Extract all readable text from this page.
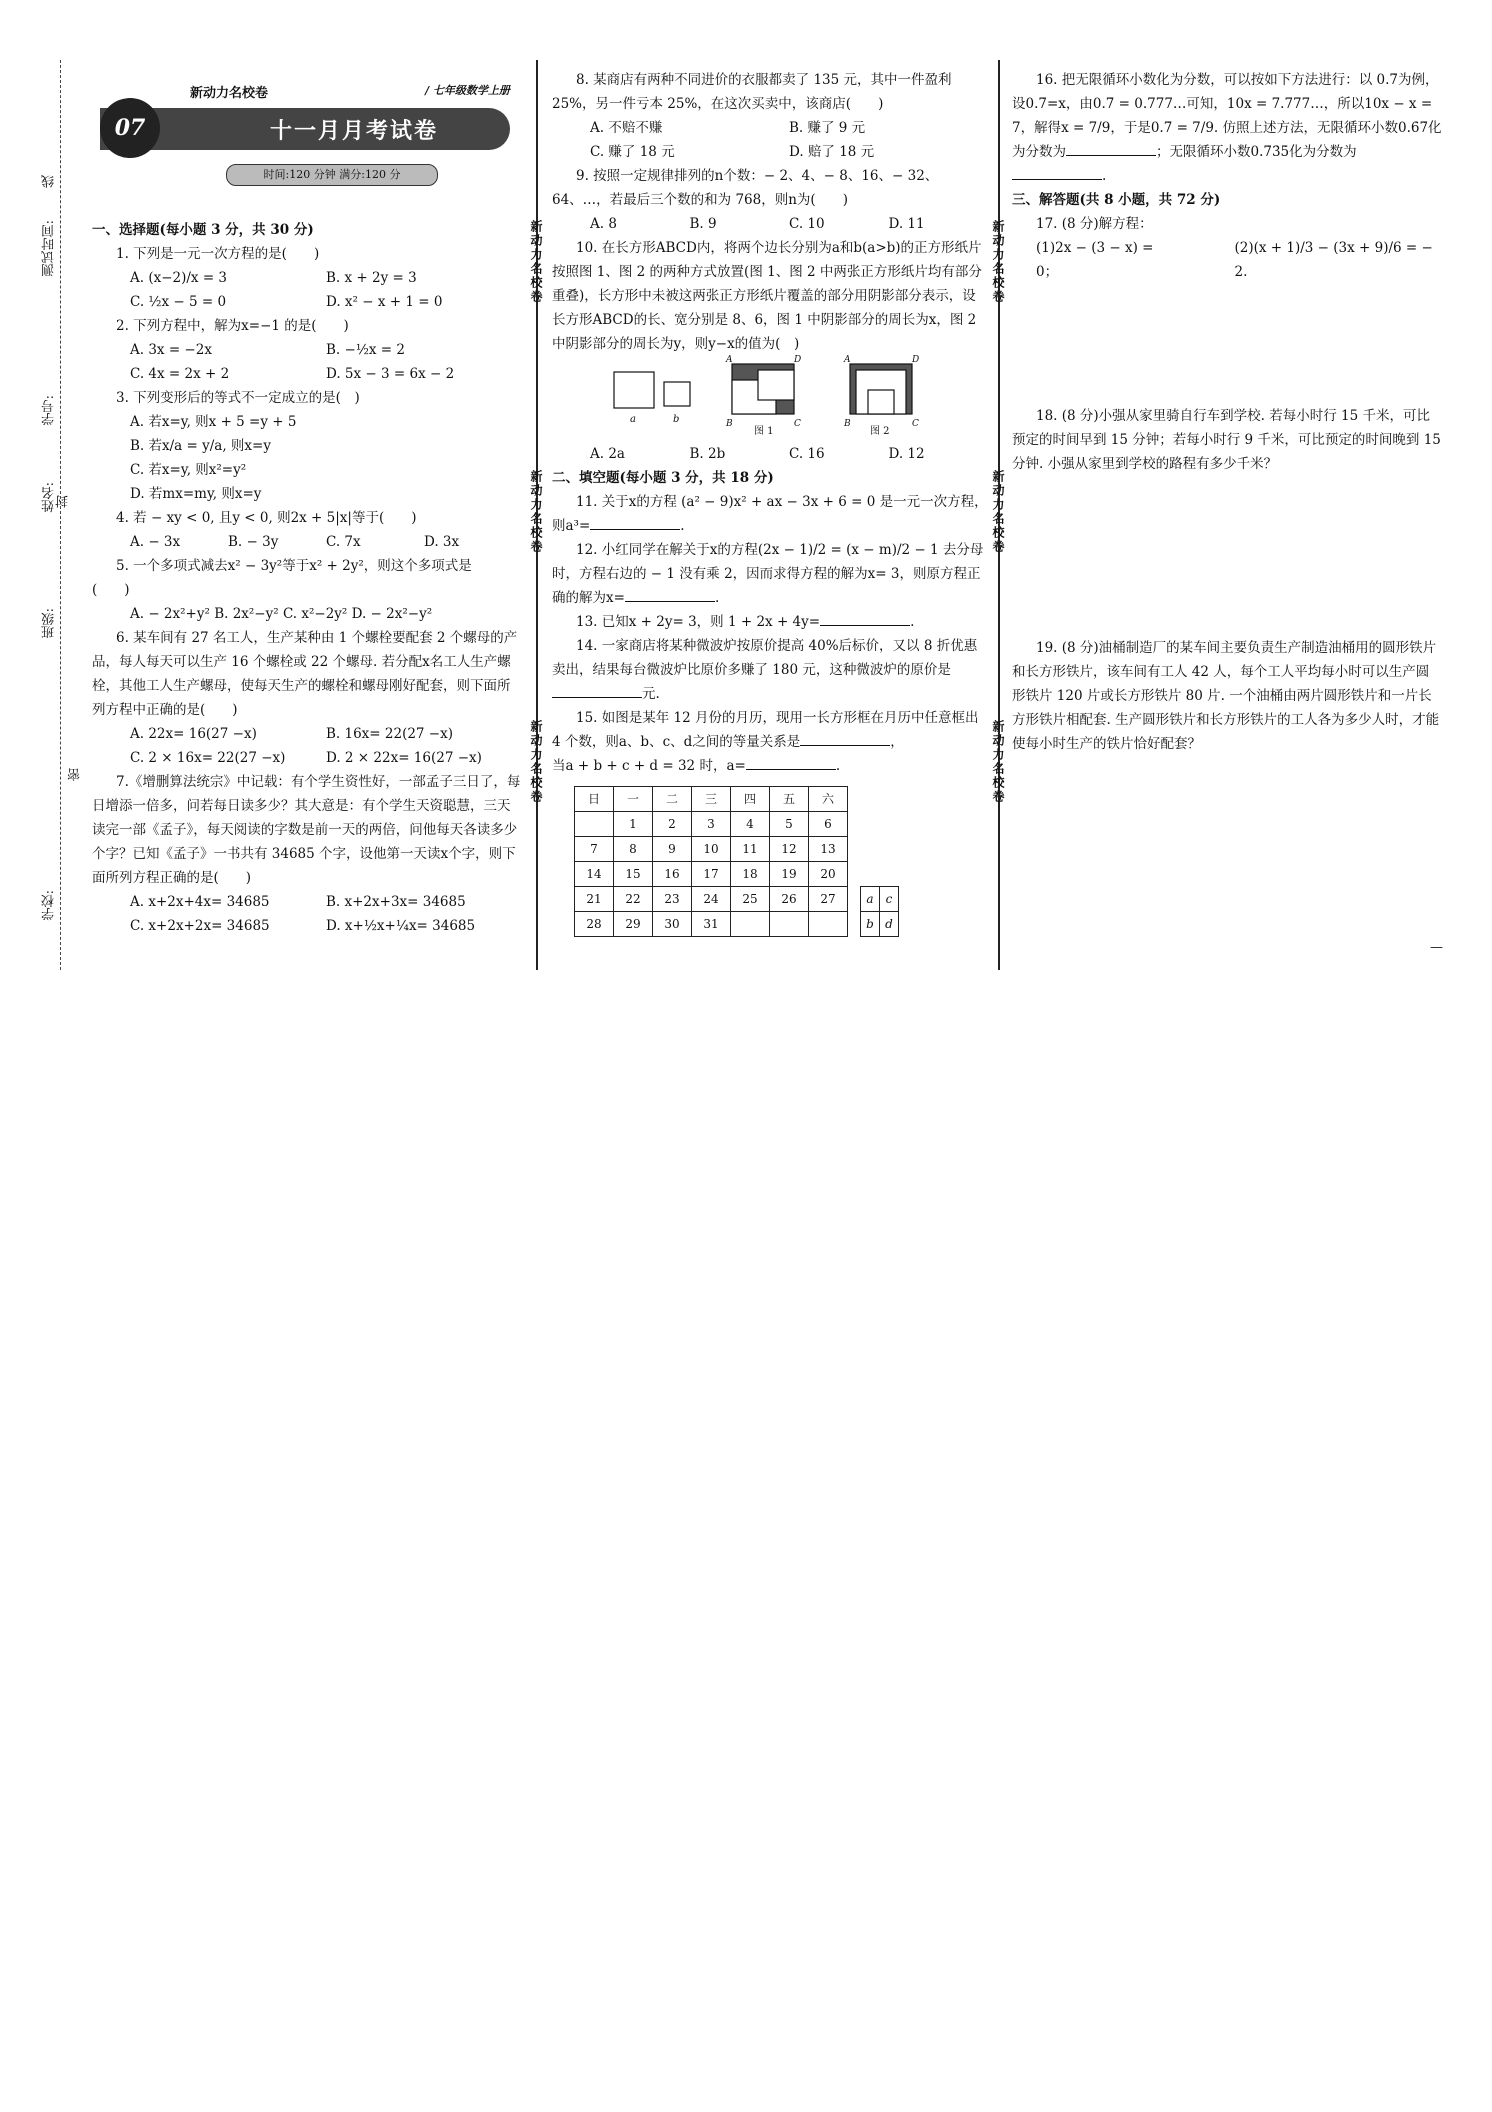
测试时间:
线
学号:
封
姓名:
班级:
密
学校:
新动力名校卷	/ 七年级数学上册
07	十一月月考试卷
时间:120 分钟 满分:120 分
一、选择题(每小题 3 分，共 30 分)
1. 下列是一元一次方程的是(　　)
A. (x−2)/x = 3	B. x + 2y = 3
C. ½x − 5 = 0	D. x² − x + 1 = 0
2. 下列方程中，解为x=−1 的是(　　)
A. 3x = −2x	B. −½x = 2
C. 4x = 2x + 2	D. 5x − 3 = 6x − 2
3. 下列变形后的等式不一定成立的是(　)
A. 若x=y, 则x + 5 =y + 5
B. 若x/a = y/a, 则x=y
C. 若x=y, 则x²=y²
D. 若mx=my, 则x=y
4. 若 − xy < 0, 且y < 0, 则2x + 5|x|等于(　　)
A. − 3x	B. − 3y	C. 7x	D. 3x
5. 一个多项式减去x² − 3y²等于x² + 2y²，则这个多项式是
(　　)
A. − 2x²+y² B. 2x²−y² C. x²−2y² D. − 2x²−y²
6. 某车间有 27 名工人，生产某种由 1 个螺栓要配套 2 个螺母的产品，每人每天可以生产 16 个螺栓或 22 个螺母. 若分配x名工人生产螺栓，其他工人生产螺母，使每天生产的螺栓和螺母刚好配套，则下面所列方程中正确的是(　　)
A. 22x= 16(27 −x)	B. 16x= 22(27 −x)
C. 2 × 16x= 22(27 −x)	D. 2 × 22x= 16(27 −x)
7.《增删算法统宗》中记载：有个学生资性好，一部孟子三日了，每日增添一倍多，问若每日读多少？其大意是：有个学生天资聪慧，三天读完一部《孟子》，每天阅读的字数是前一天的两倍，问他每天各读多少个字？已知《孟子》一书共有 34685 个字，设他第一天读x个字，则下面所列方程正确的是(　　)
A. x+2x+4x= 34685	B. x+2x+3x= 34685
C. x+2x+2x= 34685	D. x+½x+¼x= 34685
新动力名校卷
新动力名校卷
新动力名校卷
8. 某商店有两种不同进价的衣服都卖了 135 元，其中一件盈利 25%，另一件亏本 25%，在这次买卖中，该商店(　　)
A. 不赔不赚	B. 赚了 9 元
C. 赚了 18 元	D. 赔了 18 元
9. 按照一定规律排列的n个数：− 2、4、− 8、16、− 32、64、…，若最后三个数的和为 768，则n为(　　)
A. 8	B. 9	C. 10	D. 11
10. 在长方形ABCD内，将两个边长分别为a和b(a>b)的正方形纸片按照图 1、图 2 的两种方式放置(图 1、图 2 中两张正方形纸片均有部分重叠)，长方形中未被这两张正方形纸片覆盖的部分用阴影部分表示，设长方形ABCD的长、宽分别是 8、6，图 1 中阴影部分的周长为x，图 2 中阴影部分的周长为y，则y−x的值为(　)
a	b
A	D
B	C
A	D
B	C
图 1	图 2
A. 2a	B. 2b	C. 16	D. 12
二、填空题(每小题 3 分，共 18 分)
11. 关于x的方程 (a² − 9)x² + ax − 3x + 6 = 0 是一元一次方程，则a³=	.
12. 小红同学在解关于x的方程(2x − 1)/2 = (x − m)/2 − 1 去分母时，方程右边的 − 1 没有乘 2，因而求得方程的解为x= 3，则原方程正确的解为x=	.
13. 已知x + 2y= 3，则 1 + 2x + 4y=	.
14. 一家商店将某种微波炉按原价提高 40%后标价，又以 8 折优惠卖出，结果每台微波炉比原价多赚了 180 元，这种微波炉的原价是元.
15. 如图是某年 12 月份的月历，现用一长方形框在月历中任意框出 4 个数，则a、b、c、d之间的等量关系是	，
当a + b + c + d = 32 时，a=	.
日	一	二	三	四	五	六
	1	2	3	4	5	6
7	8	9	10	11	12	13
14	15	16	17	18	19	20
21	22	23	24	25	26	27
28	29	30	31			
a	c
b	d
新动力名校卷
新动力名校卷
新动力名校卷
16. 把无限循环小数化为分数，可以按如下方法进行：以 0.7̇为例，设0.7̇=x，由0.7̇ = 0.777…可知，10x = 7.777…，所以10x − x = 7，解得x = 7/9，于是0.7̇ = 7/9. 仿照上述方法，无限循环小数0.6̇7̇化为分数为	；无限循环小数0.7̇3̇5̇化为分数为.
三、解答题(共 8 小题，共 72 分)
17. (8 分)解方程：
(1)2x − (3 − x) = 0；
(2)(x + 1)/3 − (3x + 9)/6 = − 2.
18. (8 分)小强从家里骑自行车到学校. 若每小时行 15 千米，可比预定的时间早到 15 分钟；若每小时行 9 千米，可比预定的时间晚到 15 分钟. 小强从家里到学校的路程有多少千米？
19. (8 分)油桶制造厂的某车间主要负责生产制造油桶用的圆形铁片和长方形铁片，该车间有工人 42 人，每个工人平均每小时可以生产圆形铁片 120 片或长方形铁片 80 片. 一个油桶由两片圆形铁片和一片长方形铁片相配套. 生产圆形铁片和长方形铁片的工人各为多少人时，才能使每小时生产的铁片恰好配套？
—
